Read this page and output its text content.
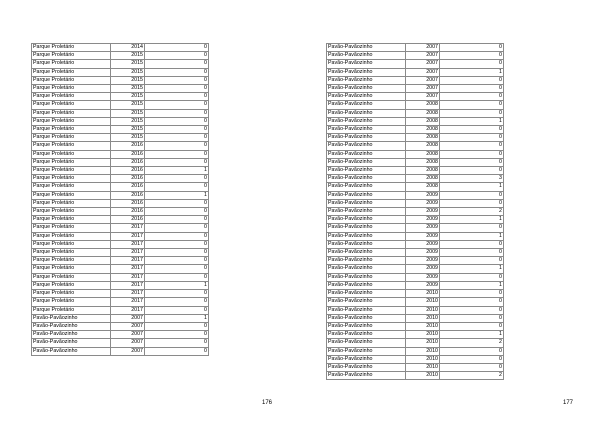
Parque Proletário	2014	0
Parque Proletário	2015	0
Parque Proletário	2015	0
Parque Proletário	2015	0
Parque Proletário	2015	0
Parque Proletário	2015	0
Parque Proletário	2015	0
Parque Proletário	2015	0
Parque Proletário	2015	0
Parque Proletário	2015	0
Parque Proletário	2015	0
Parque Proletário	2015	0
Parque Proletário	2016	0
Parque Proletário	2016	0
Parque Proletário	2016	0
Parque Proletário	2016	1
Parque Proletário	2016	0
Parque Proletário	2016	0
Parque Proletário	2016	1
Parque Proletário	2016	0
Parque Proletário	2016	0
Parque Proletário	2016	0
Parque Proletário	2017	0
Parque Proletário	2017	0
Parque Proletário	2017	0
Parque Proletário	2017	0
Parque Proletário	2017	0
Parque Proletário	2017	0
Parque Proletário	2017	0
Parque Proletário	2017	1
Parque Proletário	2017	0
Parque Proletário	2017	0
Parque Proletário	2017	0
Pavão-Pavãozinho	2007	1
Pavão-Pavãozinho	2007	0
Pavão-Pavãozinho	2007	0
Pavão-Pavãozinho	2007	0
Pavão-Pavãozinho	2007	0
176
Pavão-Pavãozinho	2007	0
Pavão-Pavãozinho	2007	0
Pavão-Pavãozinho	2007	0
Pavão-Pavãozinho	2007	1
Pavão-Pavãozinho	2007	0
Pavão-Pavãozinho	2007	0
Pavão-Pavãozinho	2007	0
Pavão-Pavãozinho	2008	0
Pavão-Pavãozinho	2008	0
Pavão-Pavãozinho	2008	1
Pavão-Pavãozinho	2008	0
Pavão-Pavãozinho	2008	0
Pavão-Pavãozinho	2008	0
Pavão-Pavãozinho	2008	0
Pavão-Pavãozinho	2008	0
Pavão-Pavãozinho	2008	0
Pavão-Pavãozinho	2008	3
Pavão-Pavãozinho	2008	1
Pavão-Pavãozinho	2009	0
Pavão-Pavãozinho	2009	0
Pavão-Pavãozinho	2009	2
Pavão-Pavãozinho	2009	1
Pavão-Pavãozinho	2009	0
Pavão-Pavãozinho	2009	1
Pavão-Pavãozinho	2009	0
Pavão-Pavãozinho	2009	0
Pavão-Pavãozinho	2009	0
Pavão-Pavãozinho	2009	1
Pavão-Pavãozinho	2009	0
Pavão-Pavãozinho	2009	1
Pavão-Pavãozinho	2010	0
Pavão-Pavãozinho	2010	0
Pavão-Pavãozinho	2010	0
Pavão-Pavãozinho	2010	0
Pavão-Pavãozinho	2010	0
Pavão-Pavãozinho	2010	1
Pavão-Pavãozinho	2010	2
Pavão-Pavãozinho	2010	0
Pavão-Pavãozinho	2010	0
Pavão-Pavãozinho	2010	0
Pavão-Pavãozinho	2010	2
177
